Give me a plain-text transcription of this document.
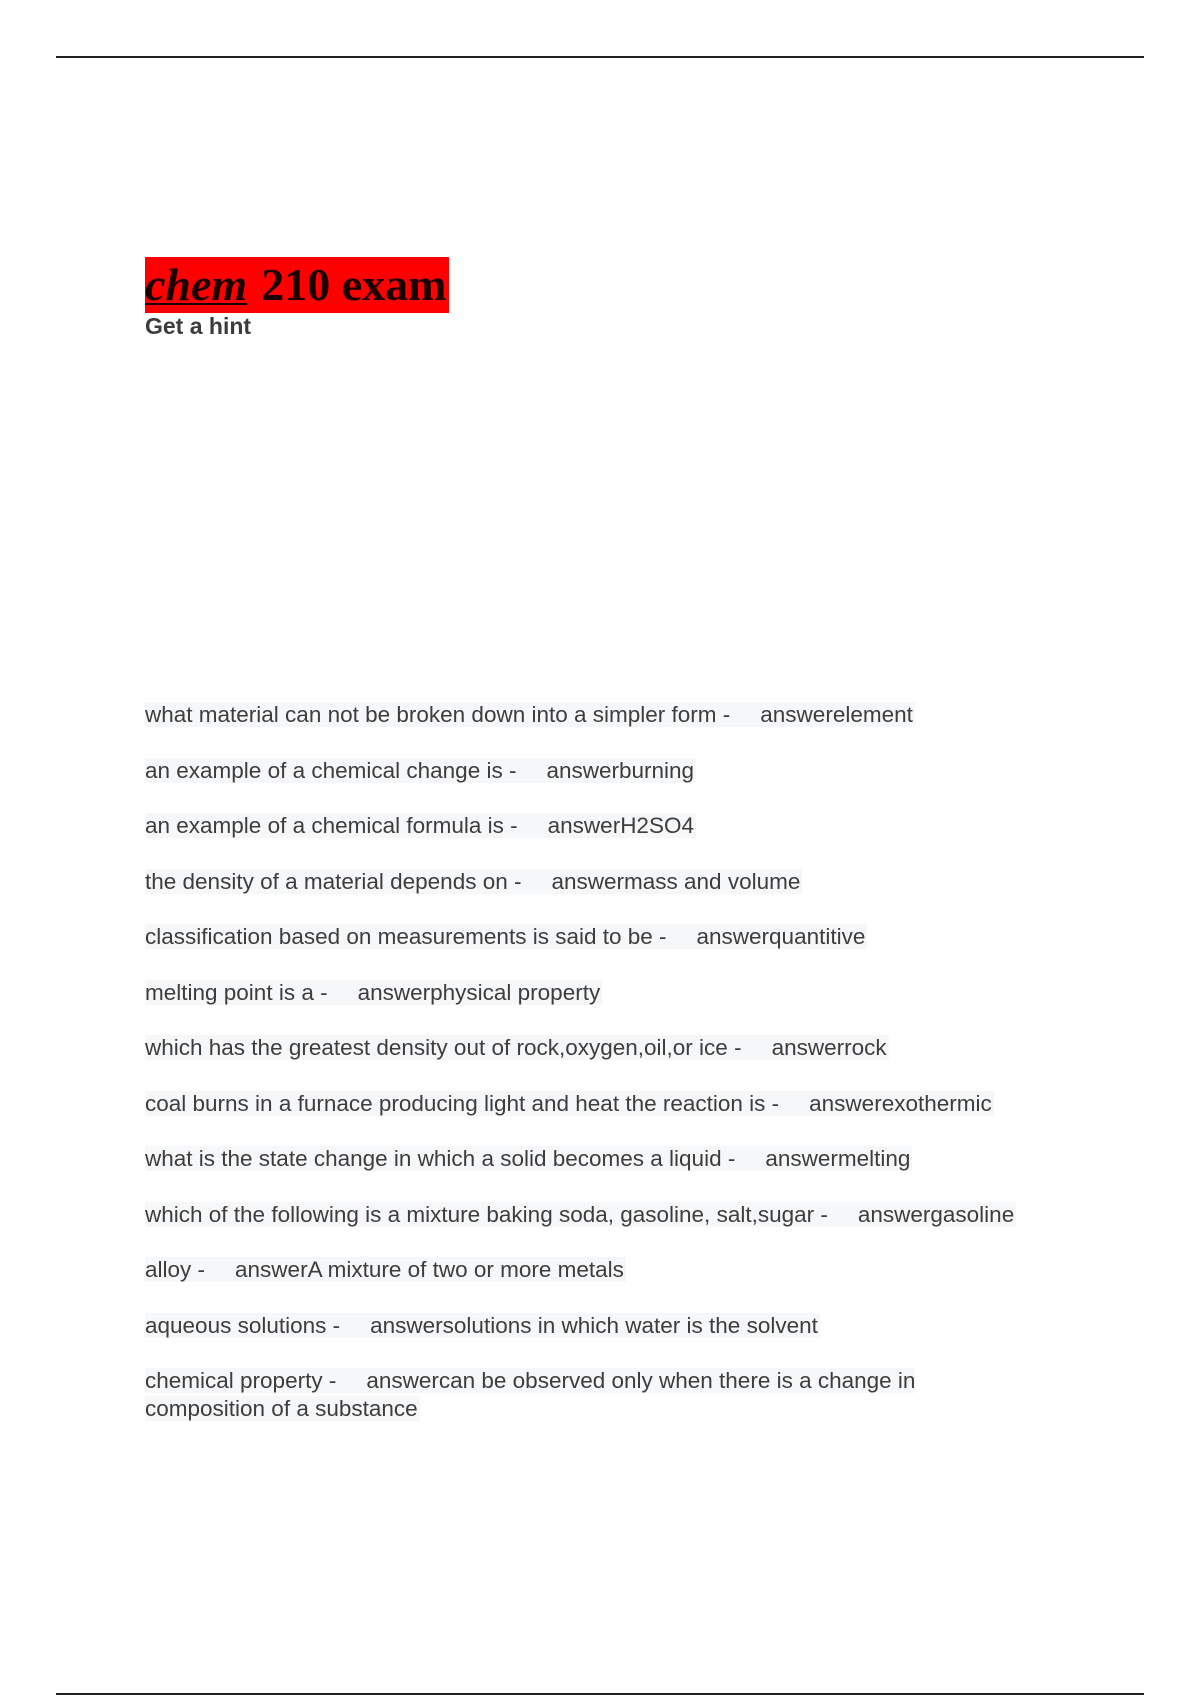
chem 210 exam
Get a hint
what material can not be broken down into a simpler form - answerelement
an example of a chemical change is - answerburning
an example of a chemical formula is - answerH2SO4
the density of a material depends on - answermass and volume
classification based on measurements is said to be - answerquantitive
melting point is a - answerphysical property
which has the greatest density out of rock,oxygen,oil,or ice - answerrock
coal burns in a furnace producing light and heat the reaction is - answerexothermic
what is the state change in which a solid becomes a liquid - answermelting
which of the following is a mixture baking soda, gasoline, salt,sugar - answergasoline
alloy - answerA mixture of two or more metals
aqueous solutions - answersolutions in which water is the solvent
chemical property - answercan be observed only when there is a change in composition of a substance
